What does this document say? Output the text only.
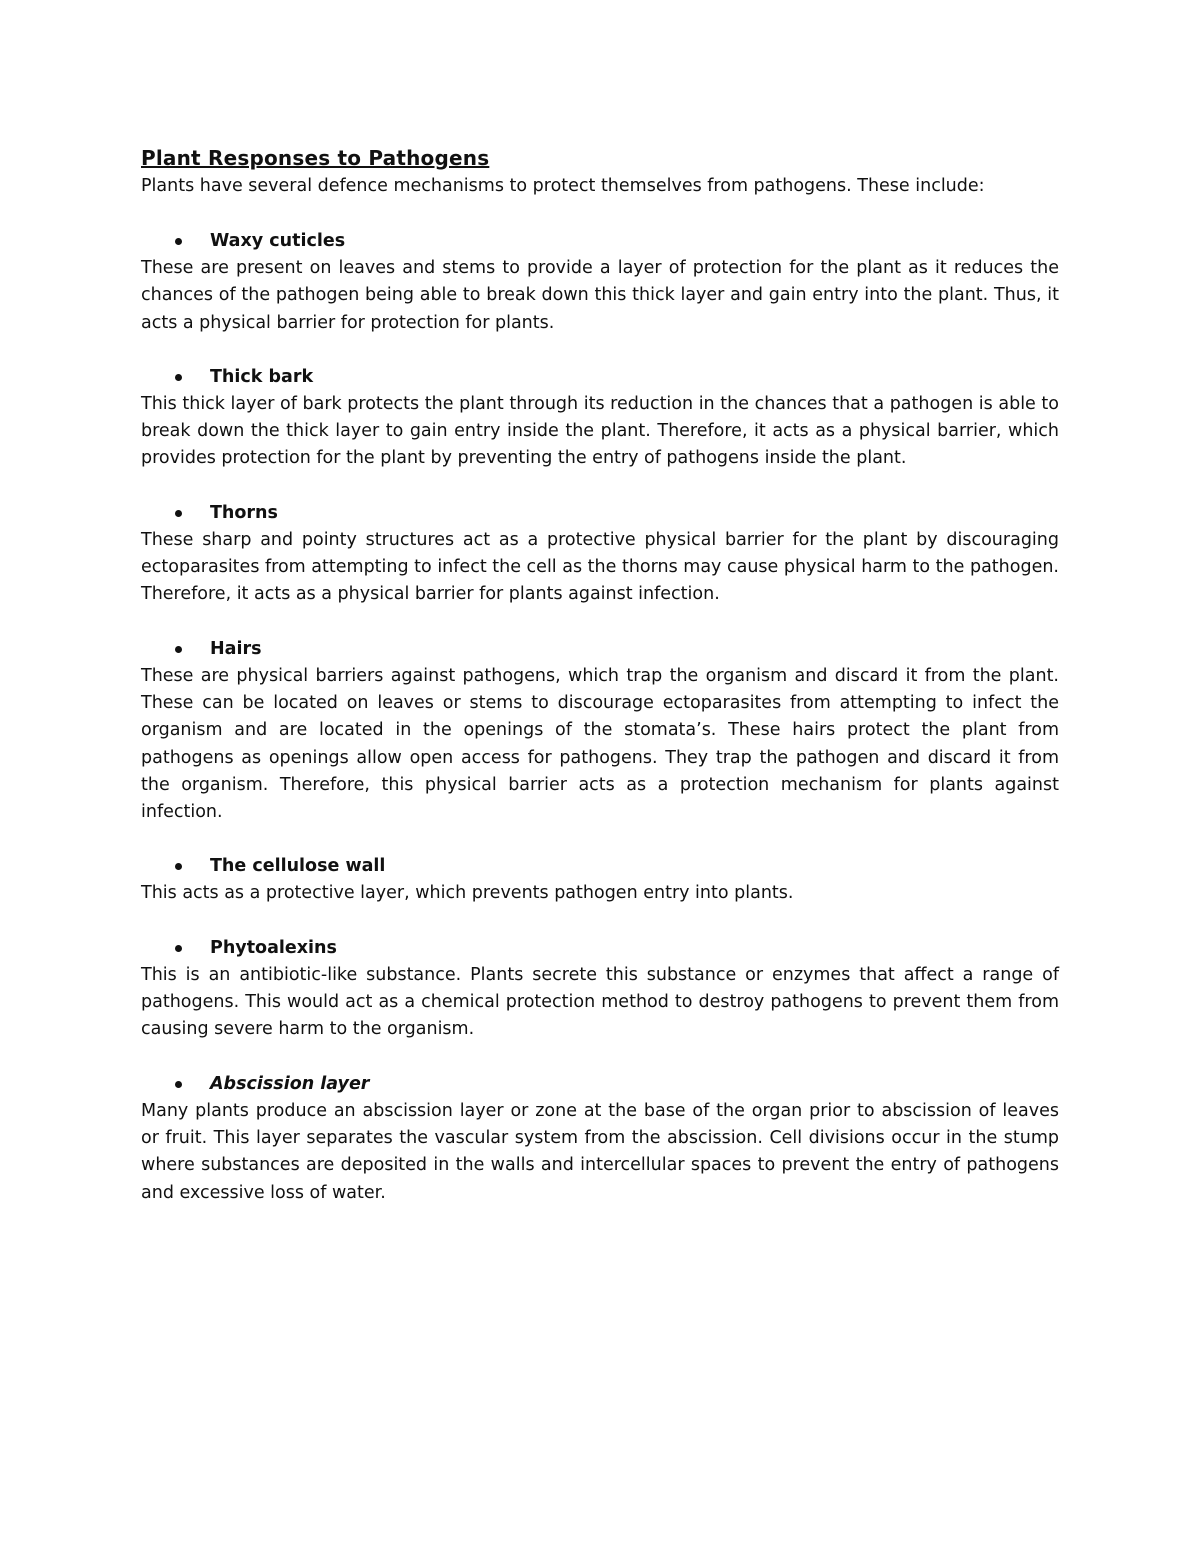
Plant Responses to Pathogens

Plants have several defence mechanisms to protect themselves from pathogens. These include:

Waxy cuticles

These are present on leaves and stems to provide a layer of protection for the plant as it reduces the chances of the pathogen being able to break down this thick layer and gain entry into the plant. Thus, it acts a physical barrier for protection for plants.

Thick bark

This thick layer of bark protects the plant through its reduction in the chances that a pathogen is able to break down the thick layer to gain entry inside the plant. Therefore, it acts as a physical barrier, which provides protection for the plant by preventing the entry of pathogens inside the plant.

Thorns

These sharp and pointy structures act as a protective physical barrier for the plant by discouraging ectoparasites from attempting to infect the cell as the thorns may cause physical harm to the pathogen. Therefore, it acts as a physical barrier for plants against infection.

Hairs

These are physical barriers against pathogens, which trap the organism and discard it from the plant. These can be located on leaves or stems to discourage ectoparasites from attempting to infect the organism and are located in the openings of the stomata’s. These hairs protect the plant from pathogens as openings allow open access for pathogens. They trap the pathogen and discard it from the organism. Therefore, this physical barrier acts as a protection mechanism for plants against infection.

The cellulose wall

This acts as a protective layer, which prevents pathogen entry into plants.

Phytoalexins

This is an antibiotic-like substance. Plants secrete this substance or enzymes that affect a range of pathogens. This would act as a chemical protection method to destroy pathogens to prevent them from causing severe harm to the organism.

Abscission layer

Many plants produce an abscission layer or zone at the base of the organ prior to abscission of leaves or fruit. This layer separates the vascular system from the abscission. Cell divisions occur in the stump where substances are deposited in the walls and intercellular spaces to prevent the entry of pathogens and excessive loss of water.
